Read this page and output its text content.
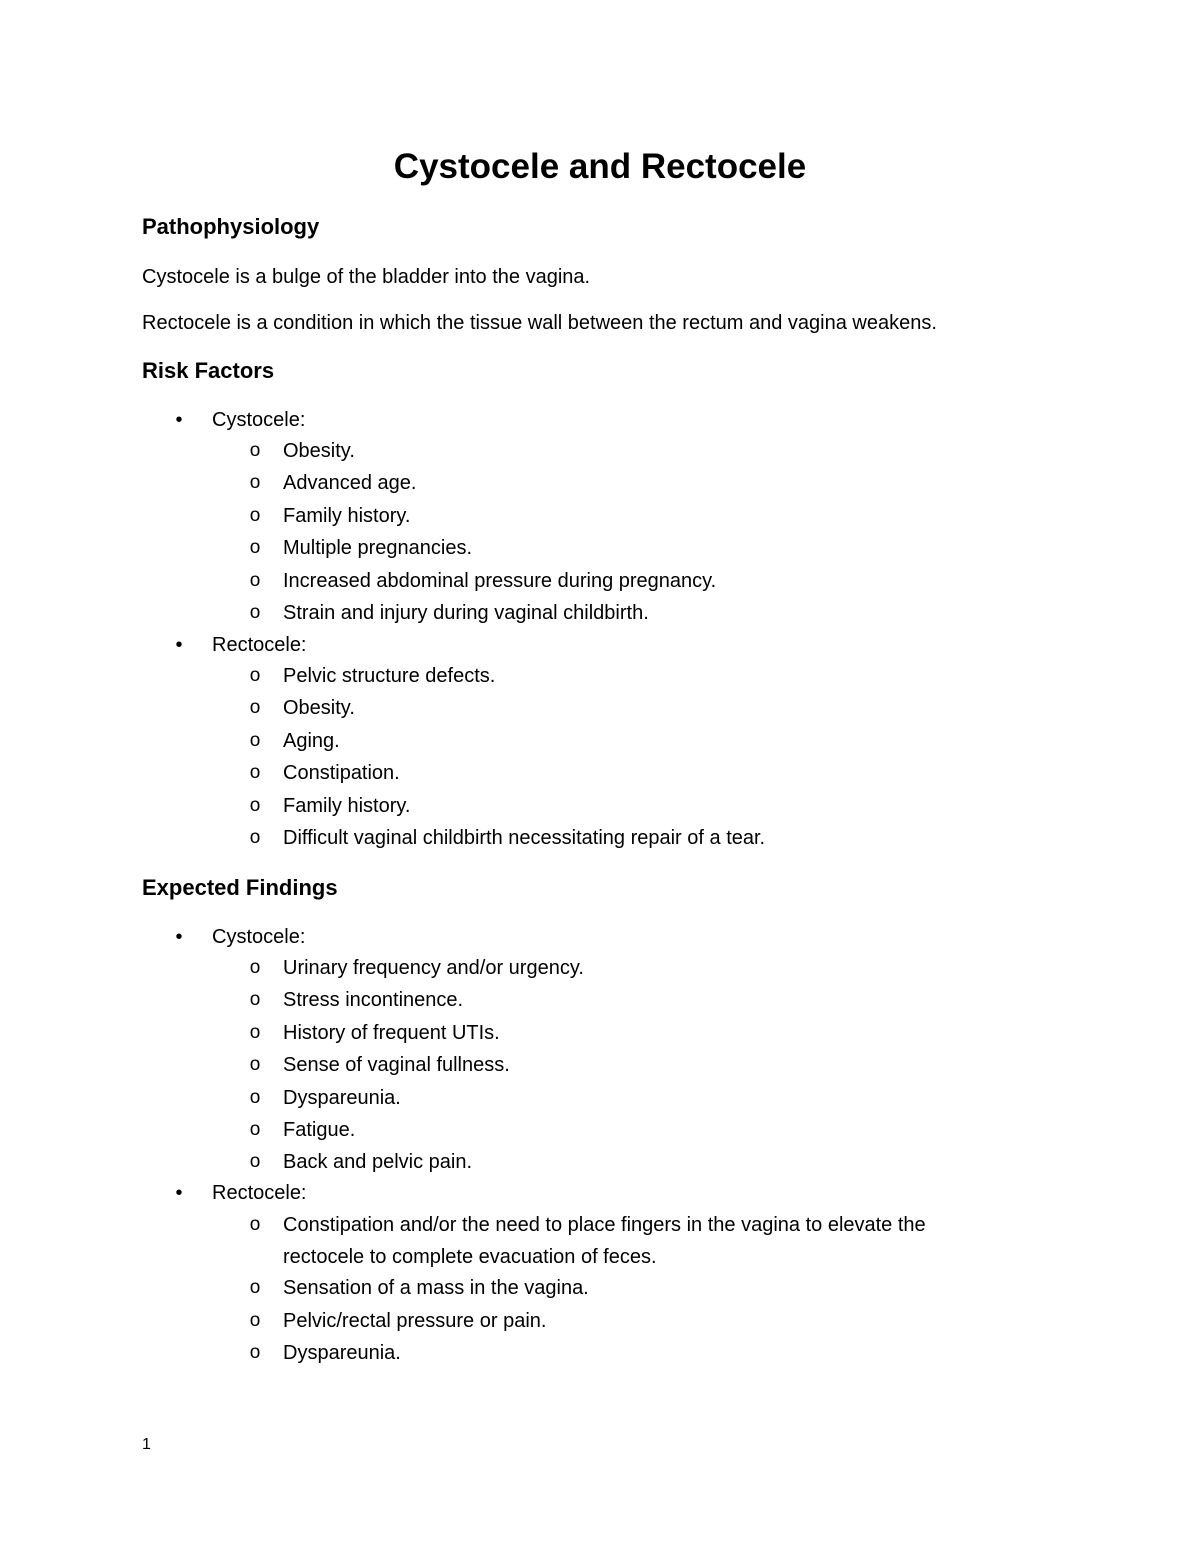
Cystocele and Rectocele
Pathophysiology

Cystocele is a bulge of the bladder into the vagina.

Rectocele is a condition in which the tissue wall between the rectum and vagina weakens.

Risk Factors
• Cystocele:
o Obesity.
o Advanced age.
o Family history.
o Multiple pregnancies.
o Increased abdominal pressure during pregnancy.
o Strain and injury during vaginal childbirth.
• Rectocele:
o Pelvic structure defects.
o Obesity.
o Aging.
o Constipation.
o Family history.
o Difficult vaginal childbirth necessitating repair of a tear.
Expected Findings
• Cystocele:
o Urinary frequency and/or urgency.
o Stress incontinence.
o History of frequent UTIs.
o Sense of vaginal fullness.
o Dyspareunia.
o Fatigue.
o Back and pelvic pain.
• Rectocele:
o Constipation and/or the need to place fingers in the vagina to elevate the rectocele to complete evacuation of feces.
o Sensation of a mass in the vagina.
o Pelvic/rectal pressure or pain.
o Dyspareunia.
1
